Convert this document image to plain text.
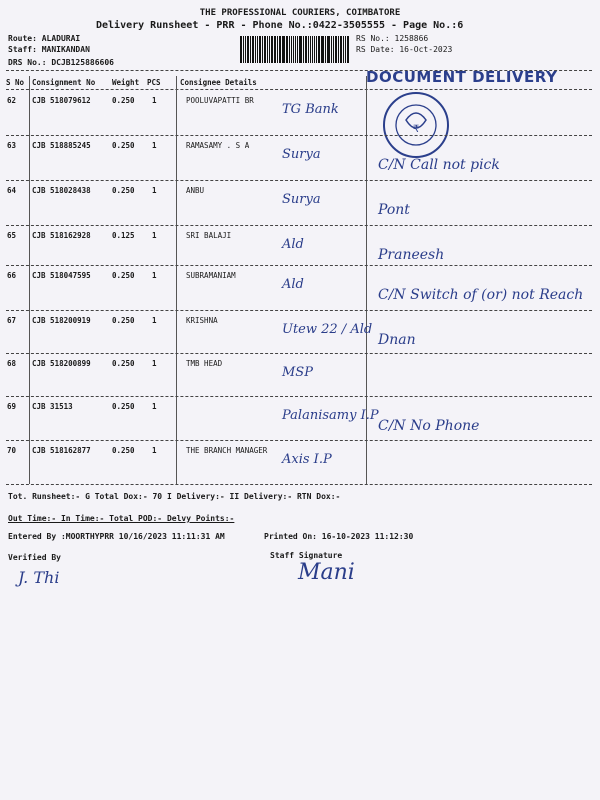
THE PROFESSIONAL COURIERS, COIMBATORE
Delivery Runsheet - PRR - Phone No.:0422-3505555 - Page No.:6
Route: ALADURAI
Staff: MANIKANDAN
DRS No.: DCJB125886606
RS No.: 1258866
RS Date: 16-Oct-2023
DOCUMENT DELIVERY
₹
S No Consignment No Weight PCS	Consignee Details
62 CJB 518079612	0.250 1	POOLUVAPATTI BR
TG Bank
63 CJB 518885245	0.250 1	RAMASAMY . S A
Surya
C/N Call not pick
64 CJB 518028438	0.250 1	ANBU
Surya
Pont
65 CJB 518162928	0.125 1	SRI BALAJI
Ald
Praneesh
66 CJB 518047595	0.250 1	SUBRAMANIAM
Ald
C/N Switch of (or) not Reach
67 CJB 518200919	0.250 1	KRISHNA
Utew 22 / Ald
Dnan
68 CJB 518200899	0.250 1	TMB HEAD
MSP
69 CJB 31513	0.250 1
Palanisamy I.P
C/N No Phone
70 CJB 518162877	0.250 1	THE BRANCH MANAGER
Axis I.P
Tot. Runsheet:- G Total Dox:- 70 I Delivery:- II Delivery:- RTN Dox:-
Out Time:- In Time:- Total POD:- Delvy Points:-
Entered By :MOORTHYPRR 10/16/2023 11:11:31 AM	Printed On: 16-10-2023 11:12:30
Verified By	Staff Signature
J. Thi	Mani
